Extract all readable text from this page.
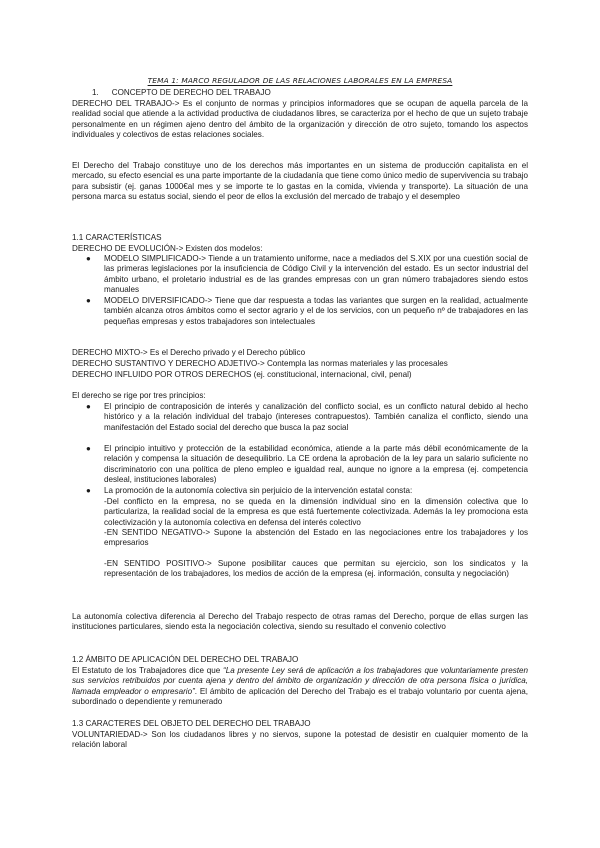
TEMA 1: MARCO REGULADOR DE LAS RELACIONES LABORALES EN LA EMPRESA

1. CONCEPTO DE DERECHO DEL TRABAJO

DERECHO DEL TRABAJO-> Es el conjunto de normas y principios informadores que se ocupan de aquella parcela de la realidad social que atiende a la actividad productiva de ciudadanos libres, se caracteriza por el hecho de que un sujeto trabaje personalmente en un régimen ajeno dentro del ámbito de la organización y dirección de otro sujeto, tomando los aspectos individuales y colectivos de estas relaciones sociales.

El Derecho del Trabajo constituye uno de los derechos más importantes en un sistema de producción capitalista en el mercado, su efecto esencial es una parte importante de la ciudadanía que tiene como único medio de supervivencia su trabajo para subsistir (ej. ganas 1000€al mes y se importe te lo gastas en la comida, vivienda y transporte). La situación de una persona marca su estatus social, siendo el peor de ellos la exclusión del mercado de trabajo y el desempleo

1.1 CARACTERÍSTICAS

DERECHO DE EVOLUCIÓN-> Existen dos modelos:

● MODELO SIMPLIFICADO-> Tiende a un tratamiento uniforme, nace a mediados del S.XIX por una cuestión social de las primeras legislaciones por la insuficiencia de Código Civil y la intervención del estado. Es un sector industrial del ámbito urbano, el proletario industrial es de las grandes empresas con un gran número trabajadores siendo estos manuales

● MODELO DIVERSIFICADO-> Tiene que dar respuesta a todas las variantes que surgen en la realidad, actualmente también alcanza otros ámbitos como el sector agrario y el de los servicios, con un pequeño nº de trabajadores en las pequeñas empresas y estos trabajadores son intelectuales

DERECHO MIXTO-> Es el Derecho privado y el Derecho público

DERECHO SUSTANTIVO Y DERECHO ADJETIVO-> Contempla las normas materiales y las procesales

DERECHO INFLUIDO POR OTROS DERECHOS (ej. constitucional, internacional, civil, penal)

El derecho se rige por tres principios:

● El principio de contraposición de interés y canalización del conflicto social, es un conflicto natural debido al hecho histórico y a la relación individual del trabajo (intereses contrapuestos). También canaliza el conflicto, siendo una manifestación del Estado social del derecho que busca la paz social

● El principio intuitivo y protección de la estabilidad económica, atiende a la parte más débil económicamente de la relación y compensa la situación de desequilibrio. La CE ordena la aprobación de la ley para un salario suficiente no discriminatorio con una política de pleno empleo e igualdad real, aunque no ignore a la empresa (ej. competencia desleal, instituciones laborales)

● La promoción de la autonomía colectiva sin perjuicio de la intervención estatal consta:

-Del conflicto en la empresa, no se queda en la dimensión individual sino en la dimensión colectiva que lo particulariza, la realidad social de la empresa es que está fuertemente colectivizada. Además la ley promociona esta colectivización y la autonomía colectiva en defensa del interés colectivo

-EN SENTIDO NEGATIVO-> Supone la abstención del Estado en las negociaciones entre los trabajadores y los empresarios

-EN SENTIDO POSITIVO-> Supone posibilitar cauces que permitan su ejercicio, son los sindicatos y la representación de los trabajadores, los medios de acción de la empresa (ej. información, consulta y negociación)

La autonomía colectiva diferencia al Derecho del Trabajo respecto de otras ramas del Derecho, porque de ellas surgen las instituciones particulares, siendo esta la negociación colectiva, siendo su resultado el convenio colectivo

1.2 ÁMBITO DE APLICACIÓN DEL DERECHO DEL TRABAJO

El Estatuto de los Trabajadores dice que “La presente Ley será de aplicación a los trabajadores que voluntariamente presten sus servicios retribuidos por cuenta ajena y dentro del ámbito de organización y dirección de otra persona física o jurídica, llamada empleador o empresario”. El ámbito de aplicación del Derecho del Trabajo es el trabajo voluntario por cuenta ajena, subordinado o dependiente y remunerado

1.3 CARACTERES DEL OBJETO DEL DERECHO DEL TRABAJO

VOLUNTARIEDAD-> Son los ciudadanos libres y no siervos, supone la potestad de desistir en cualquier momento de la relación laboral
